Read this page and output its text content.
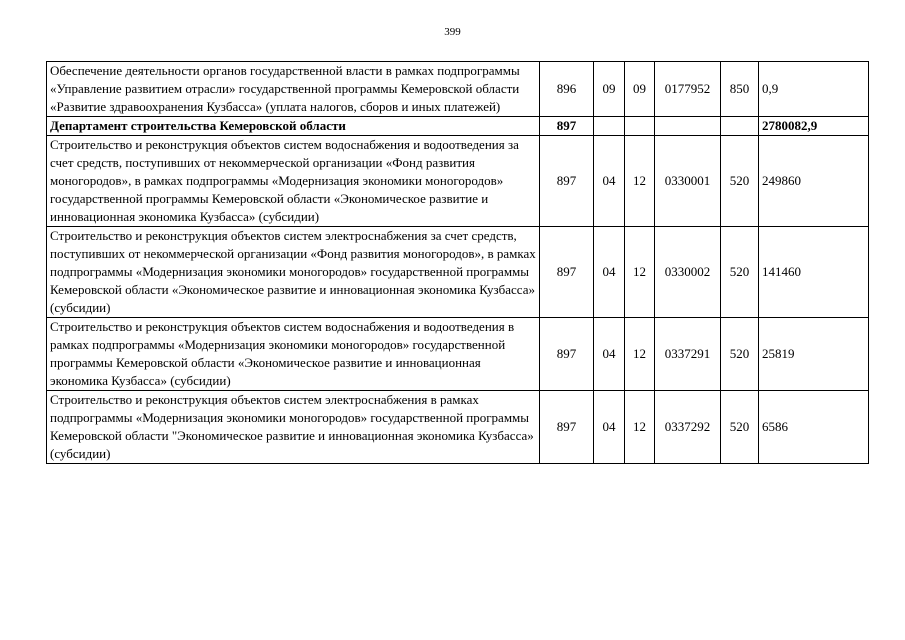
399
Обеспечение деятельности органов государственной власти в рамках подпрограммы «Управление развитием отрасли» государственной программы Кемеровской области «Развитие здравоохранения Кузбасса» (уплата налогов, сборов и иных платежей)	896	09	09	0177952	850	0,9
Департамент строительства Кемеровской области	897					2780082,9
Строительство и реконструкция объектов систем водоснабжения и водоотведения за счет средств, поступивших от некоммерческой организации «Фонд развития моногородов», в рамках подпрограммы «Модернизация экономики моногородов» государственной программы Кемеровской области «Экономическое развитие и инновационная экономика Кузбасса» (субсидии)	897	04	12	0330001	520	249860
Строительство и реконструкция объектов систем электроснабжения за счет средств, поступивших от некоммерческой организации «Фонд развития моногородов», в рамках подпрограммы «Модернизация экономики моногородов» государственной программы Кемеровской области «Экономическое развитие и инновационная экономика Кузбасса» (субсидии)	897	04	12	0330002	520	141460
Строительство и реконструкция объектов систем водоснабжения и водоотведения в рамках подпрограммы «Модернизация экономики моногородов» государственной программы Кемеровской области «Экономическое развитие и инновационная экономика Кузбасса» (субсидии)	897	04	12	0337291	520	25819
Строительство и реконструкция объектов систем электроснабжения в рамках подпрограммы «Модернизация экономики моногородов» государственной программы Кемеровской области "Экономическое развитие и инновационная экономика Кузбасса» (субсидии)	897	04	12	0337292	520	6586
